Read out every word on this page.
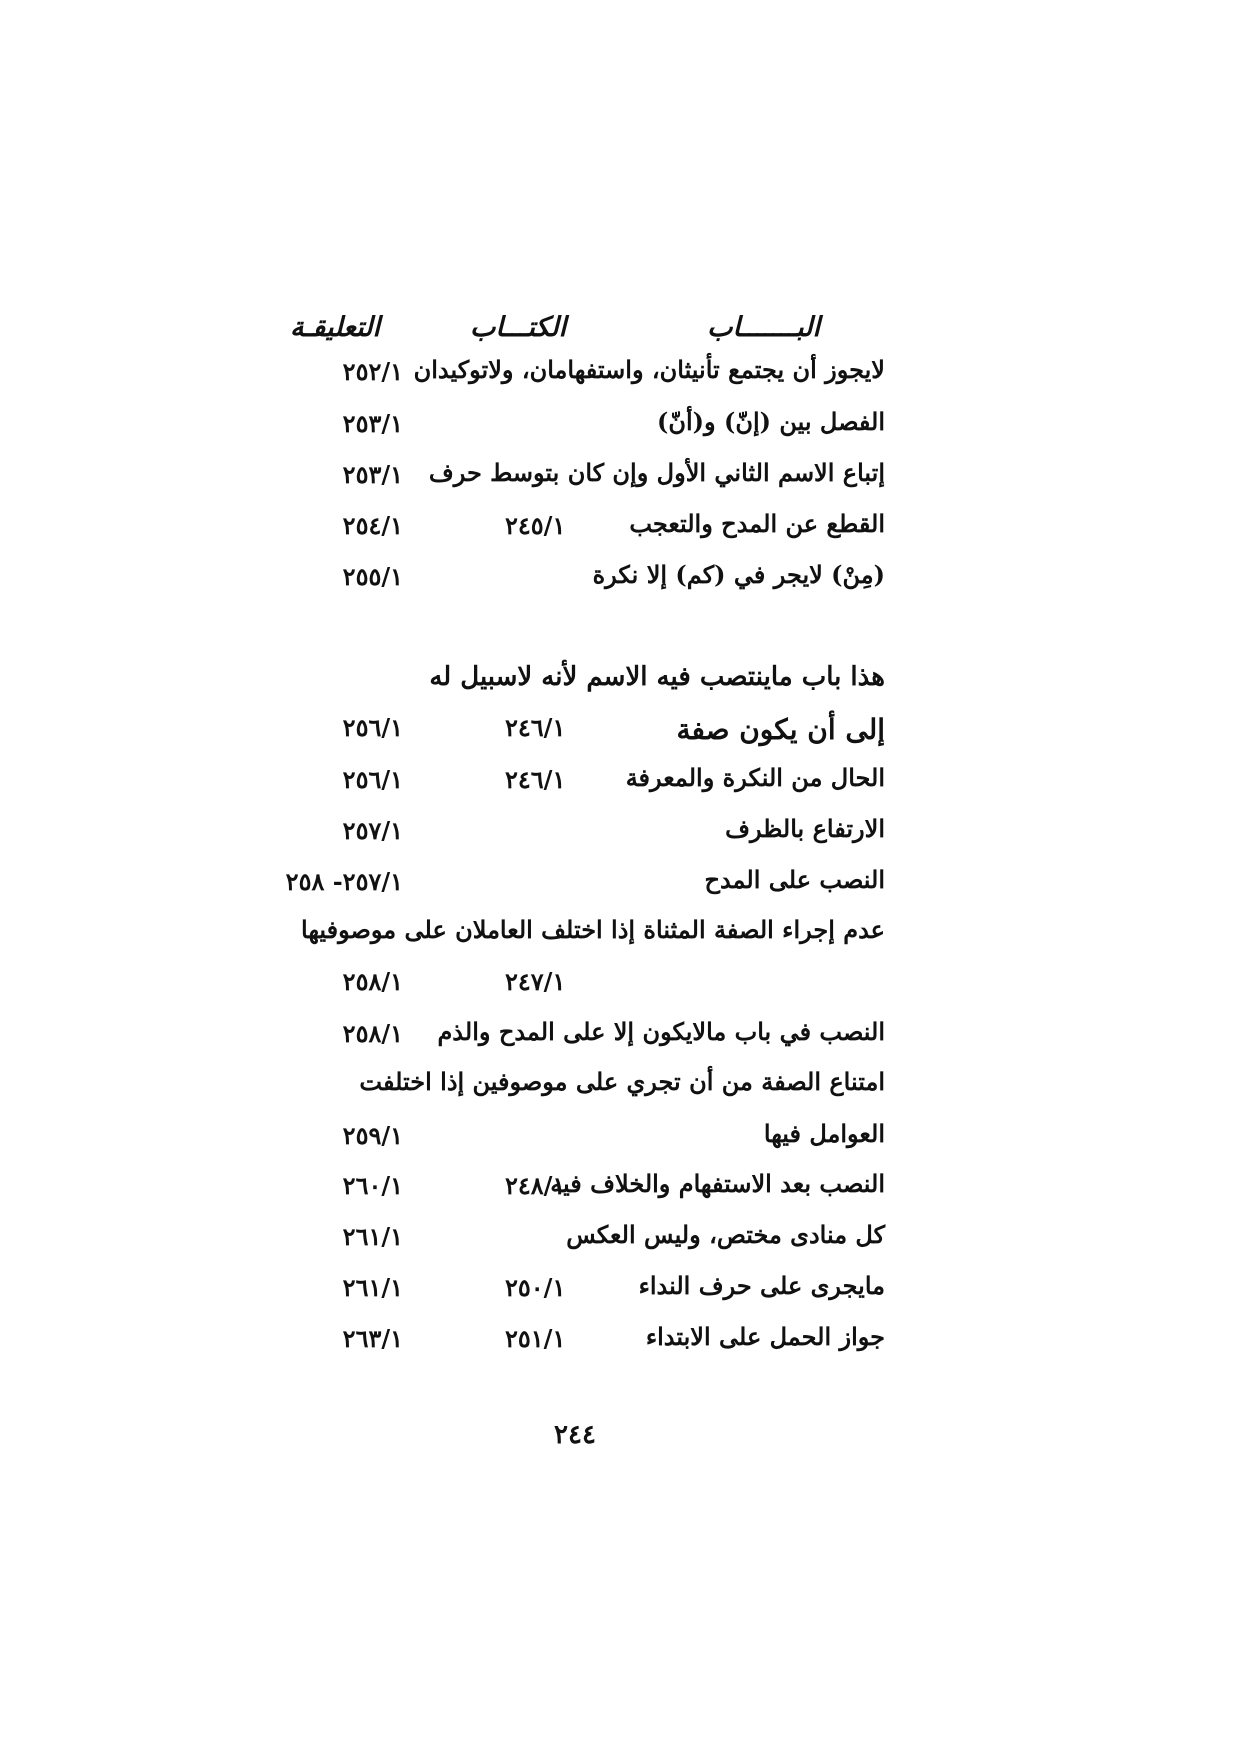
البـــــــاب
الكتـــاب
التعليقـة
لايجوز أن يجتمع تأنيثان، واستفهامان، ولاتوكيدان
٢٥٢/١
الفصل بين (إنّ) و(أنّ)
٢٥٣/١
إتباع الاسم الثاني الأول وإن كان بتوسط حرف
٢٥٣/١
القطع عن المدح والتعجب
٢٤٥/١
٢٥٤/١
(مِنْ) لايجر في (كم) إلا نكرة
٢٥٥/١
هذا باب ماينتصب فيه الاسم لأنه لاسبيل له
إلى أن يكون صفة
٢٤٦/١
٢٥٦/١
الحال من النكرة والمعرفة
٢٤٦/١
٢٥٦/١
الارتفاع بالظرف
٢٥٧/١
النصب على المدح
٢٥٧/١- ٢٥٨
عدم إجراء الصفة المثناة إذا اختلف العاملان على موصوفيها
٢٤٧/١
٢٥٨/١
النصب في باب مالايكون إلا على المدح والذم
٢٥٨/١
امتناع الصفة من أن تجري على موصوفين إذا اختلفت
العوامل فيها
٢٥٩/١
النصب بعد الاستفهام والخلاف فيه
٢٤٨/١
٢٦٠/١
كل منادى مختص، وليس العكس
٢٦١/١
مايجرى على حرف النداء
٢٥٠/١
٢٦١/١
جواز الحمل على الابتداء
٢٥١/١
٢٦٣/١
٢٤٤
